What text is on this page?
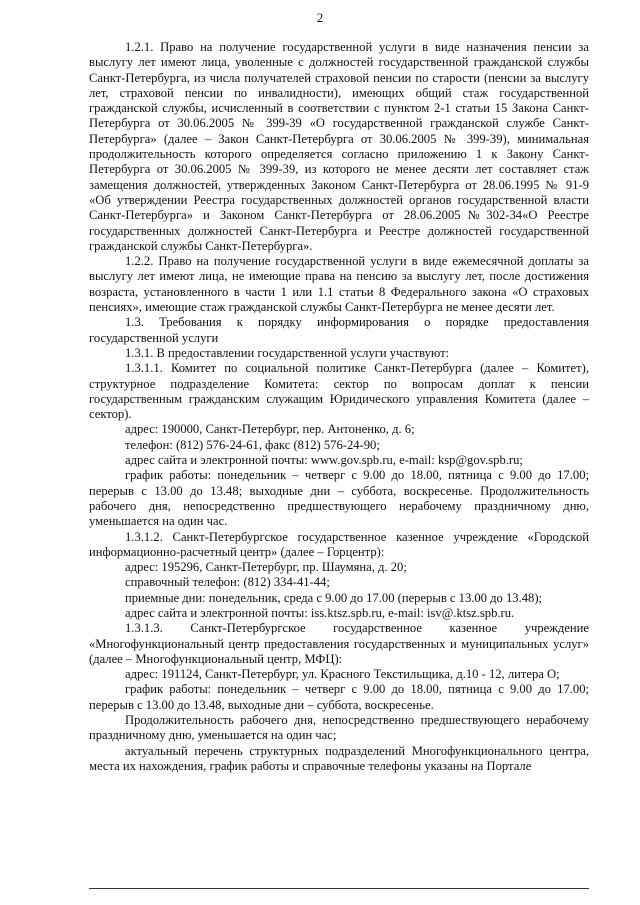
2

1.2.1. Право на получение государственной услуги в виде назначения пенсии за выслугу лет имеют лица, уволенные с должностей государственной гражданской службы Санкт-Петербурга, из числа получателей страховой пенсии по старости (пенсии за выслугу лет, страховой пенсии по инвалидности), имеющих общий стаж государственной гражданской службы, исчисленный в соответствии с пунктом 2-1 статьи 15 Закона Санкт-Петербурга от 30.06.2005 № 399-39 «О государственной гражданской службе Санкт-Петербурга» (далее – Закон Санкт-Петербурга от 30.06.2005 № 399-39), минимальная продолжительность которого определяется согласно приложению 1 к Закону Санкт-Петербурга от 30.06.2005 № 399-39, из которого не менее десяти лет составляет стаж замещения должностей, утвержденных Законом Санкт-Петербурга от 28.06.1995 № 91-9 «Об утверждении Реестра государственных должностей органов государственной власти Санкт-Петербурга» и Законом Санкт-Петербурга от 28.06.2005№302-34«О Реестре государственных должностей Санкт-Петербурга и Реестре должностей государственной гражданской службы Санкт-Петербурга».

1.2.2. Право на получение государственной услуги в виде ежемесячной доплаты за выслугу лет имеют лица, не имеющие права на пенсию за выслугу лет, после достижения возраста, установленного в части 1 или 1.1 статьи 8 Федерального закона «О страховых пенсиях», имеющие стаж гражданской службы Санкт-Петербурга не менее десяти лет.

1.3. Требования к порядку информирования о порядке предоставления государственной услуги

1.3.1. В предоставлении государственной услуги участвуют:

1.3.1.1. Комитет по социальной политике Санкт-Петербурга (далее – Комитет), структурное подразделение Комитета: сектор по вопросам доплат к пенсии государственным гражданским служащим Юридического управления Комитета (далее – сектор).

адрес: 190000, Санкт-Петербург, пер. Антоненко, д. 6;

телефон: (812) 576-24-61, факс (812) 576-24-90;

адрес сайта и электронной почты: www.gov.spb.ru, e-mail: ksp@gov.spb.ru;

график работы: понедельник – четверг с 9.00 до 18.00, пятница с 9.00 до 17.00; перерыв с 13.00 до 13.48; выходные дни – суббота, воскресенье. Продолжительность рабочего дня, непосредственно предшествующего нерабочему праздничному дню, уменьшается на один час.

1.3.1.2. Санкт-Петербургское государственное казенное учреждение «Городской информационно-расчетный центр» (далее – Горцентр):

адрес: 195296, Санкт-Петербург, пр. Шаумяна, д. 20;

справочный телефон: (812) 334-41-44;

приемные дни: понедельник, среда с 9.00 до 17.00 (перерыв с 13.00 до 13.48);

адрес сайта и электронной почты: iss.ktsz.spb.ru, e-mail: isv@.ktsz.spb.ru.

1.3.1.3. Санкт-Петербургское государственное казенное учреждение «Многофункциональный центр предоставления государственных и муниципальных услуг» (далее – Многофункциональный центр, МФЦ):

адрес: 191124, Санкт-Петербург, ул. Красного Текстильщика, д.10 - 12, литера О;

график работы: понедельник – четверг с 9.00 до 18.00, пятница с 9.00 до 17.00; перерыв с 13.00 до 13.48, выходные дни – суббота, воскресенье.

Продолжительность рабочего дня, непосредственно предшествующего нерабочему праздничному дню, уменьшается на один час;

актуальный перечень структурных подразделений Многофункционального центра, места их нахождения, график работы и справочные телефоны указаны на Портале
